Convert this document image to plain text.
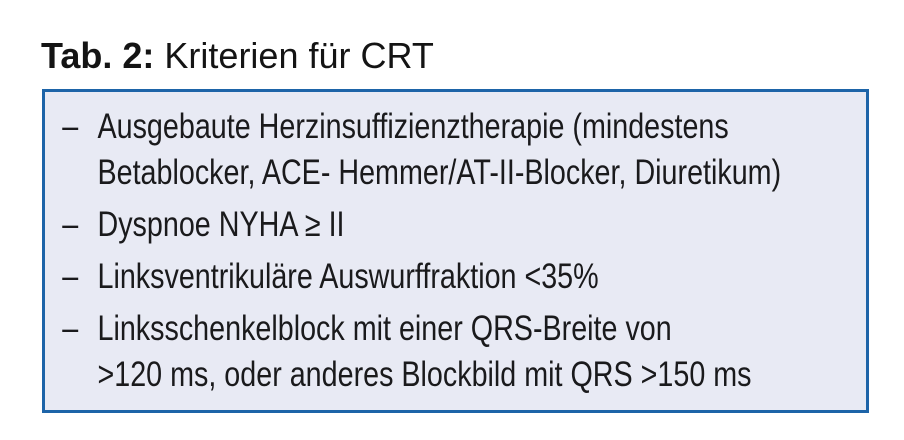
Tab. 2: Kriterien für CRT
– Ausgebaute Herzinsuffizienztherapie (mindestens
Betablocker, ACE- Hemmer/AT-II-Blocker, Diuretikum)
– Dyspnoe NYHA ≥ II
– Linksventrikuläre Auswurffraktion <35%
– Linksschenkelblock mit einer QRS-Breite von
>120 ms, oder anderes Blockbild mit QRS >150 ms
